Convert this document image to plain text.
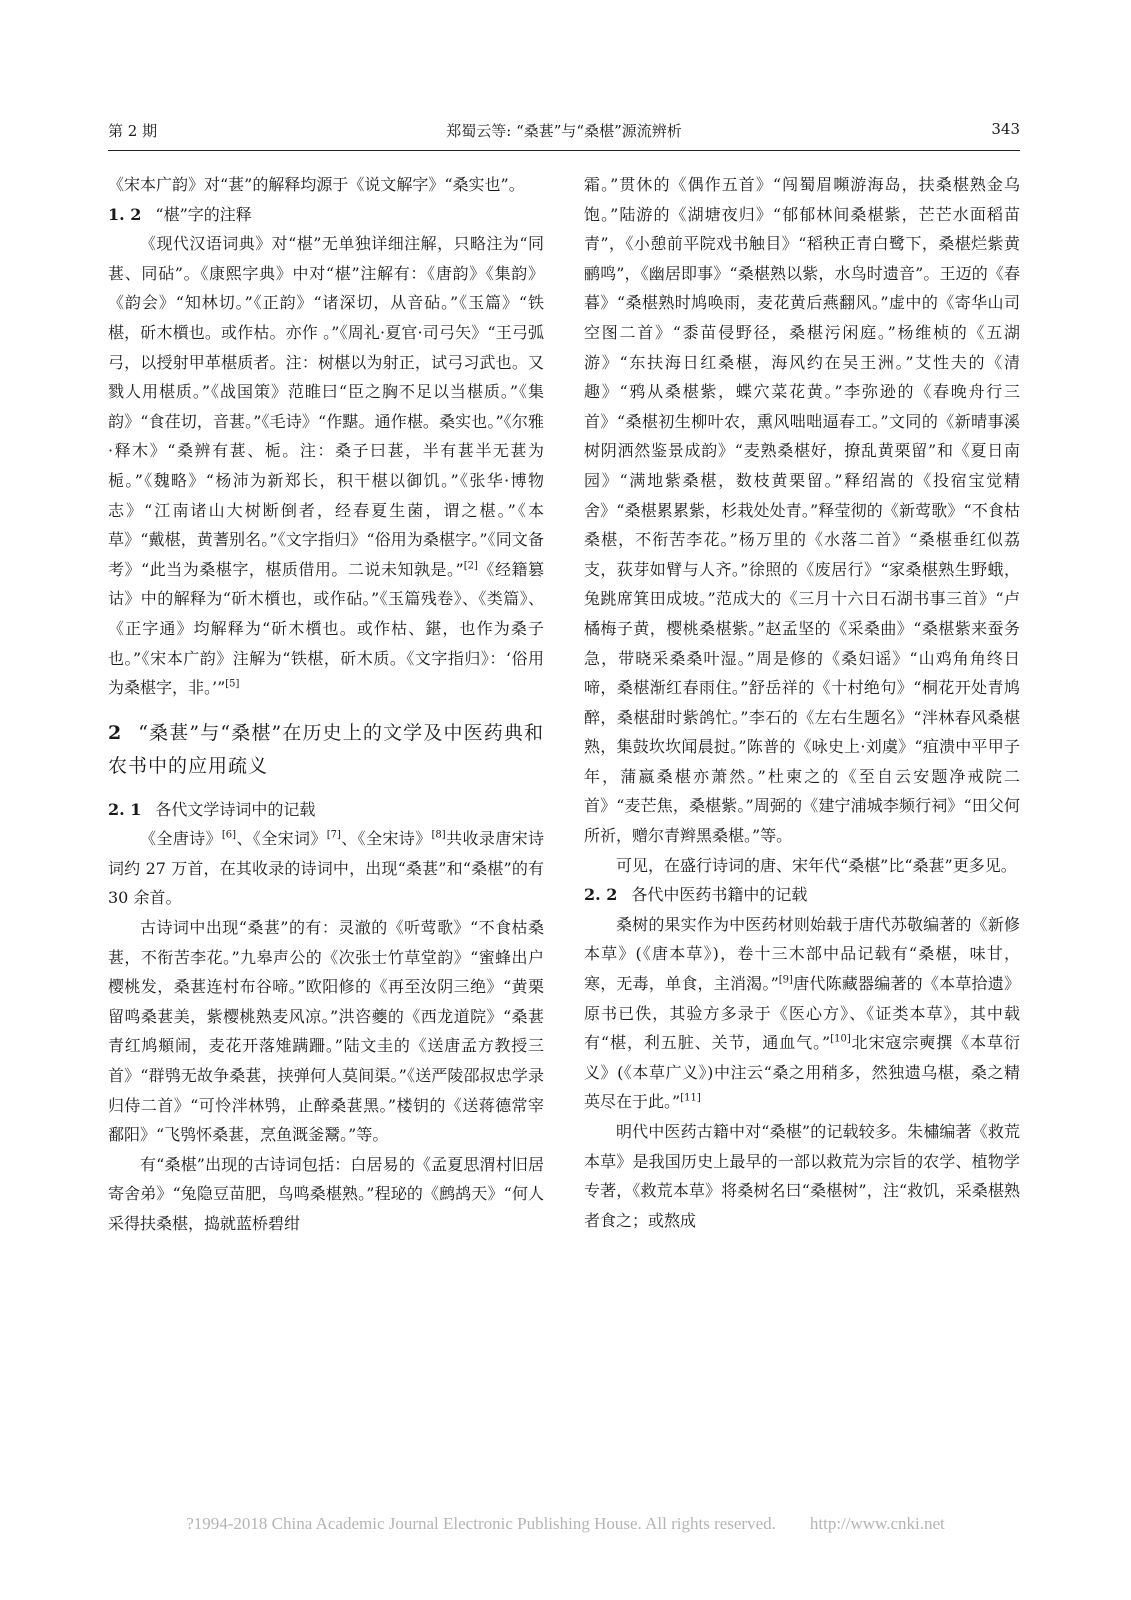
第 2 期	郑蜀云等: “桑葚”与“桑椹”源流辨析	343

《宋本广韵》对“葚”的解释均源于《说文解字》“桑实也”。

1. 2 “椹”字的注释

《现代汉语词典》对“椹”无单独详细注解，只略注为“同葚、同砧”。《康熙字典》中对“椹”注解有：《唐韵》《集韵》《韵会》“知林切。”《正韵》“诸深切，从音砧。”《玉篇》“铁椹，斫木櫍也。或作枯。亦作 。”《周礼·夏官·司弓矢》“王弓弧弓，以授射甲革椹质者。注：树椹以为射正，试弓习武也。又戮人用椹质。”《战国策》范睢曰“臣之胸不足以当椹质。”《集韵》“食荏切，音葚。”《毛诗》“作黮。通作椹。桑实也。”《尔雅·释木》“桑辨有葚、栀。注：桑子曰葚，半有葚半无葚为栀。”《魏略》“杨沛为新郑长，积干椹以御饥。”《张华·博物志》“江南诸山大树断倒者，经春夏生菌，谓之椹。”《本草》“戴椹，黄蓍别名。”《文字指归》“俗用为桑椹字。”《同文备考》“此当为桑椹字，椹质借用。二说未知孰是。”[2]《经籍篡诂》中的解释为“斫木櫍也，或作砧。”《玉篇残卷》、《类篇》、《正字通》均解释为“斫木櫍也。或作枯、鍖，也作为桑子也。”《宋本广韵》注解为“铁椹，斫木质。《文字指归》：‘俗用为桑椹字，非。’”[5]

2 “桑葚”与“桑椹”在历史上的文学及中医药典和农书中的应用疏义
2. 1 各代文学诗词中的记载

《全唐诗》[6]、《全宋词》[7]、《全宋诗》[8]共收录唐宋诗词约 27 万首，在其收录的诗词中，出现“桑葚”和“桑椹”的有 30 余首。

古诗词中出现“桑葚”的有：灵澈的《听莺歌》“不食枯桑葚，不衔苦李花。”九皋声公的《次张士竹草堂韵》“蜜蜂出户樱桃发，桑葚连村布谷啼。”欧阳修的《再至汝阴三绝》“黄栗留鸣桑葚美，紫樱桃熟麦风凉。”洪咨夔的《西龙道院》“桑葚青红鸠頫闹，麦花开落雉蹒跚。”陆文圭的《送唐孟方教授三首》“群鸮无故争桑葚，挟弹何人莫间渠。”《送严陵邵叔忠学录归侍二首》“可怜泮林鸮，止醉桑葚黑。”楼钥的《送蒋德常宰鄱阳》“飞鸮怀桑葚，烹鱼溉釜鬵。”等。

有“桑椹”出现的古诗词包括：白居易的《孟夏思渭村旧居寄舍弟》“兔隐豆苗肥，鸟鸣桑椹熟。”程珌的《鹧鸪天》“何人采得扶桑椹，捣就蓝桥碧绀

霜。”贯休的《偶作五首》“闯蜀眉嚬游海岛，扶桑椹熟金乌饱。”陆游的《湖塘夜归》“郁郁林间桑椹紫，芒芒水面稻苗青”，《小憩前平院戏书触目》“稻秧正青白鹭下，桑椹烂紫黄鹂鸣”，《幽居即事》“桑椹熟以紫，水鸟时遗音”。王迈的《春暮》“桑椹熟时鸠唤雨，麦花黄后燕翻风。”虚中的《寄华山司空图二首》“黍苗侵野径，桑椹污闲庭。”杨维桢的《五湖游》“东扶海日红桑椹，海风约在吴王洲。”艾性夫的《清趣》“鸦从桑椹紫，蝶穴菜花黄。”李弥逊的《春晚舟行三首》“桑椹初生柳叶农，熏风咄咄逼春工。”文同的《新晴事溪树阴洒然鉴景成韵》“麦熟桑椹好，撩乱黄栗留”和《夏日南园》“满地紫桑椹，数枝黄栗留。”释绍嵩的《投宿宝觉精舍》“桑椹累累紫，杉栽处处青。”释莹彻的《新莺歌》“不食枯桑椹，不衔苦李花。”杨万里的《水落二首》“桑椹垂红似荔支，荻芽如臂与人齐。”徐照的《废居行》“家桑椹熟生野蛾，兔跳席箕田成坡。”范成大的《三月十六日石湖书事三首》“卢橘梅子黄，樱桃桑椹紫。”赵孟坚的《采桑曲》“桑椹紫来蚕务急，带晓采桑桑叶湿。”周是修的《桑妇谣》“山鸡角角终日啼，桑椹渐红春雨住。”舒岳祥的《十村绝句》“桐花开处青鸠醉，桑椹甜时紫鸽忙。”李石的《左右生题名》“泮林春风桑椹熟，集鼓坎坎闻晨挝。”陈普的《咏史上·刘虞》“疽溃中平甲子年，蒲嬴桑椹亦萧然。”杜柬之的《至自云安题净戒院二首》“麦芒焦，桑椹紫。”周弼的《建宁浦城李频行祠》“田父何所祈，赠尔青辫黑桑椹。”等。

可见，在盛行诗词的唐、宋年代“桑椹”比“桑葚”更多见。

2. 2 各代中医药书籍中的记载

桑树的果实作为中医药材则始载于唐代苏敬编著的《新修本草》(《唐本草》)，卷十三木部中品记载有“桑椹，味甘，寒，无毒，单食，主消渴。”[9]唐代陈藏器编著的《本草拾遗》原书已佚，其验方多录于《医心方》、《证类本草》，其中载有“椹，利五脏、关节，通血气。”[10]北宋寇宗奭撰《本草衍义》(《本草广义》)中注云“桑之用稍多，然独遗乌椹，桑之精英尽在于此。”[11]

明代中医药古籍中对“桑椹”的记载较多。朱橚编著《救荒本草》是我国历史上最早的一部以救荒为宗旨的农学、植物学专著，《救荒本草》将桑树名曰“桑椹树”，注“救饥，采桑椹熟者食之；或熬成

?1994-2018 China Academic Journal Electronic Publishing House. All rights reserved. http://www.cnki.net
